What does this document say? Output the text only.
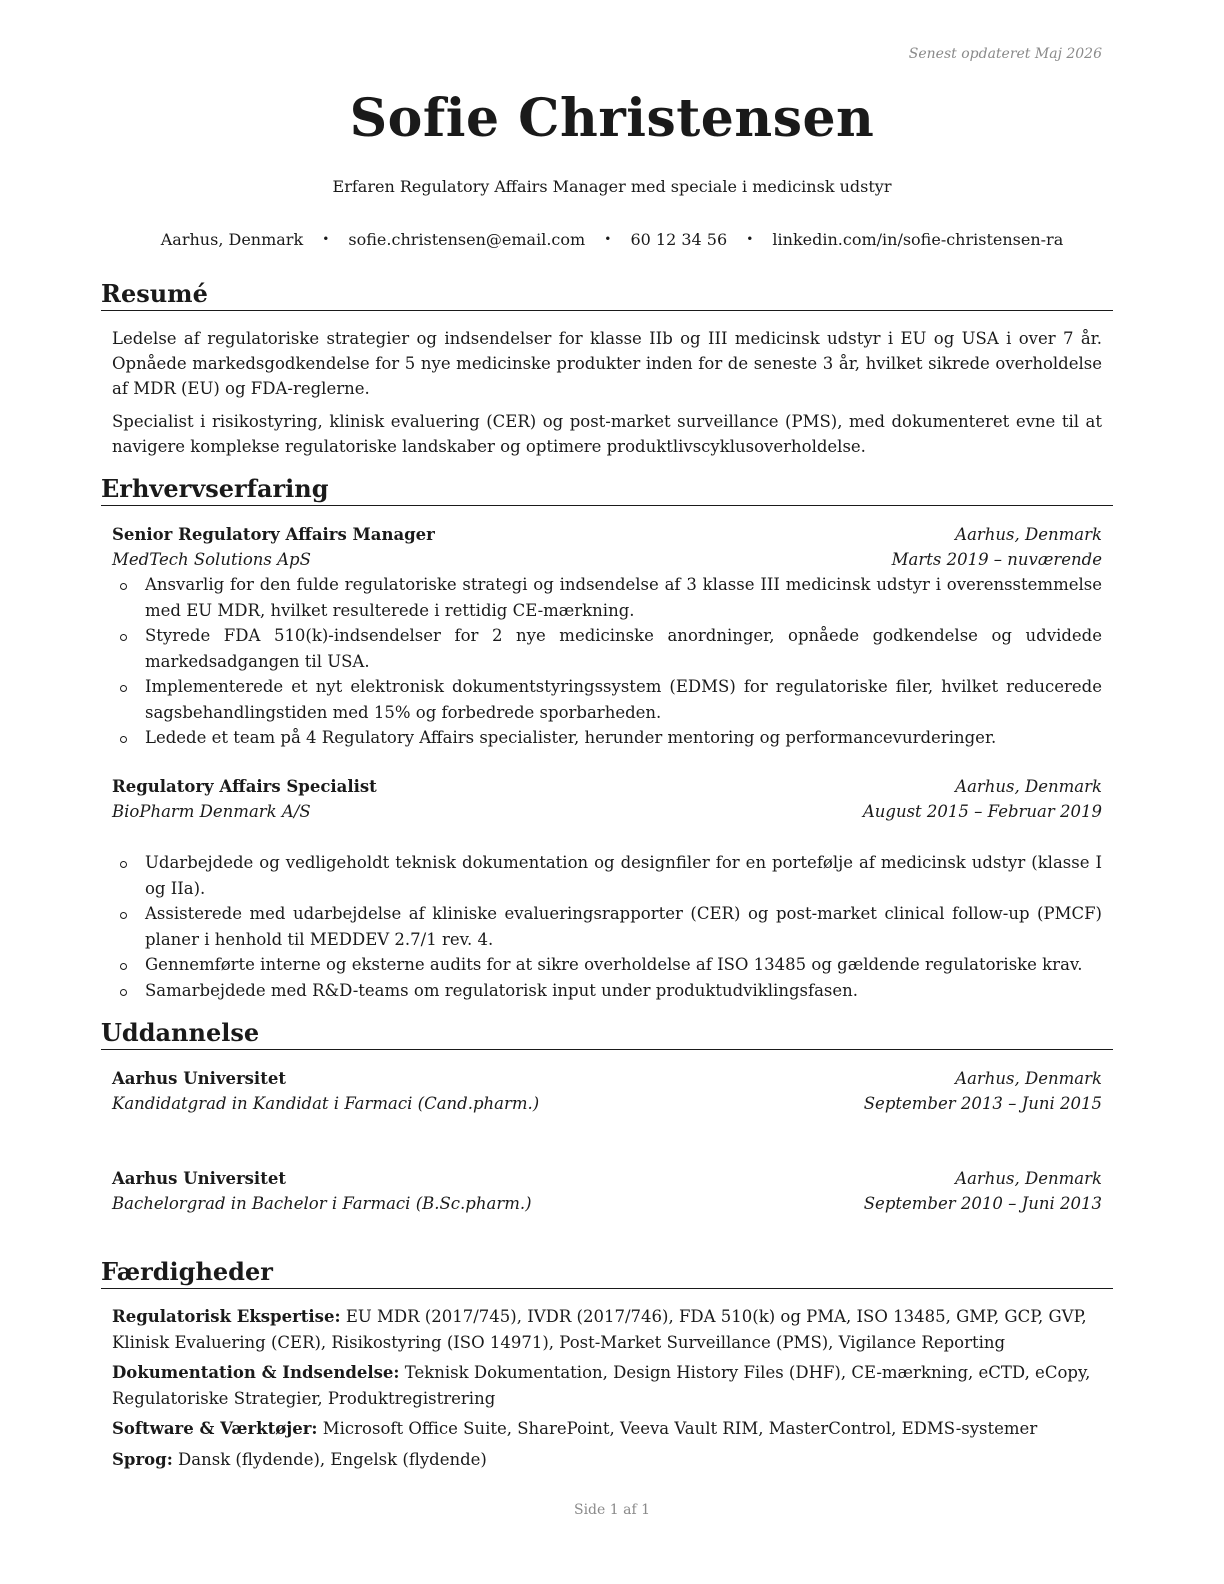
Senest opdateret Maj 2026
Sofie Christensen
Erfaren Regulatory Affairs Manager med speciale i medicinsk udstyr
Aarhus, Denmark • sofie.christensen@email.com • 60 12 34 56 • linkedin.com/in/sofie-christensen-ra
Resumé
Ledelse af regulatoriske strategier og indsendelser for klasse IIb og III medicinsk udstyr i EU og USA i over 7 år. Opnåede markedsgodkendelse for 5 nye medicinske produkter inden for de seneste 3 år, hvilket sikrede overholdelse af MDR (EU) og FDA-reglerne.
Specialist i risikostyring, klinisk evaluering (CER) og post-market surveillance (PMS), med dokumenteret evne til at navigere komplekse regulatoriske landskaber og optimere produktlivscyklusoverholdelse.
Erhvervserfaring
Senior Regulatory Affairs Manager	Aarhus, Denmark
MedTech Solutions ApS	Marts 2019 – nuværende
Ansvarlig for den fulde regulatoriske strategi og indsendelse af 3 klasse III medicinsk udstyr i overensstemmelse med EU MDR, hvilket resulterede i rettidig CE-mærkning.
Styrede FDA 510(k)-indsendelser for 2 nye medicinske anordninger, opnåede godkendelse og udvidede markedsadgangen til USA.
Implementerede et nyt elektronisk dokumentstyringssystem (EDMS) for regulatoriske filer, hvilket reducerede sagsbehandlingstiden med 15% og forbedrede sporbarheden.
Ledede et team på 4 Regulatory Affairs specialister, herunder mentoring og performancevurderinger.
Regulatory Affairs Specialist	Aarhus, Denmark
BioPharm Denmark A/S	August 2015 – Februar 2019
Udarbejdede og vedligeholdt teknisk dokumentation og designfiler for en portefølje af medicinsk udstyr (klasse I og IIa).
Assisterede med udarbejdelse af kliniske evalueringsrapporter (CER) og post-market clinical follow-up (PMCF) planer i henhold til MEDDEV 2.7/1 rev. 4.
Gennemførte interne og eksterne audits for at sikre overholdelse af ISO 13485 og gældende regulatoriske krav.
Samarbejdede med R&D-teams om regulatorisk input under produktudviklingsfasen.
Uddannelse
Aarhus Universitet	Aarhus, Denmark
Kandidatgrad in Kandidat i Farmaci (Cand.pharm.)	September 2013 – Juni 2015
Aarhus Universitet	Aarhus, Denmark
Bachelorgrad in Bachelor i Farmaci (B.Sc.pharm.)	September 2010 – Juni 2013
Færdigheder

Regulatorisk Ekspertise: EU MDR (2017/745), IVDR (2017/746), FDA 510(k) og PMA, ISO 13485, GMP, GCP, GVP, Klinisk Evaluering (CER), Risikostyring (ISO 14971), Post-Market Surveillance (PMS), Vigilance Reporting

Dokumentation & Indsendelse: Teknisk Dokumentation, Design History Files (DHF), CE-mærkning, eCTD, eCopy, Regulatoriske Strategier, Produktregistrering

Software & Værktøjer: Microsoft Office Suite, SharePoint, Veeva Vault RIM, MasterControl, EDMS-systemer

Sprog: Dansk (flydende), Engelsk (flydende)

Side 1 af 1
